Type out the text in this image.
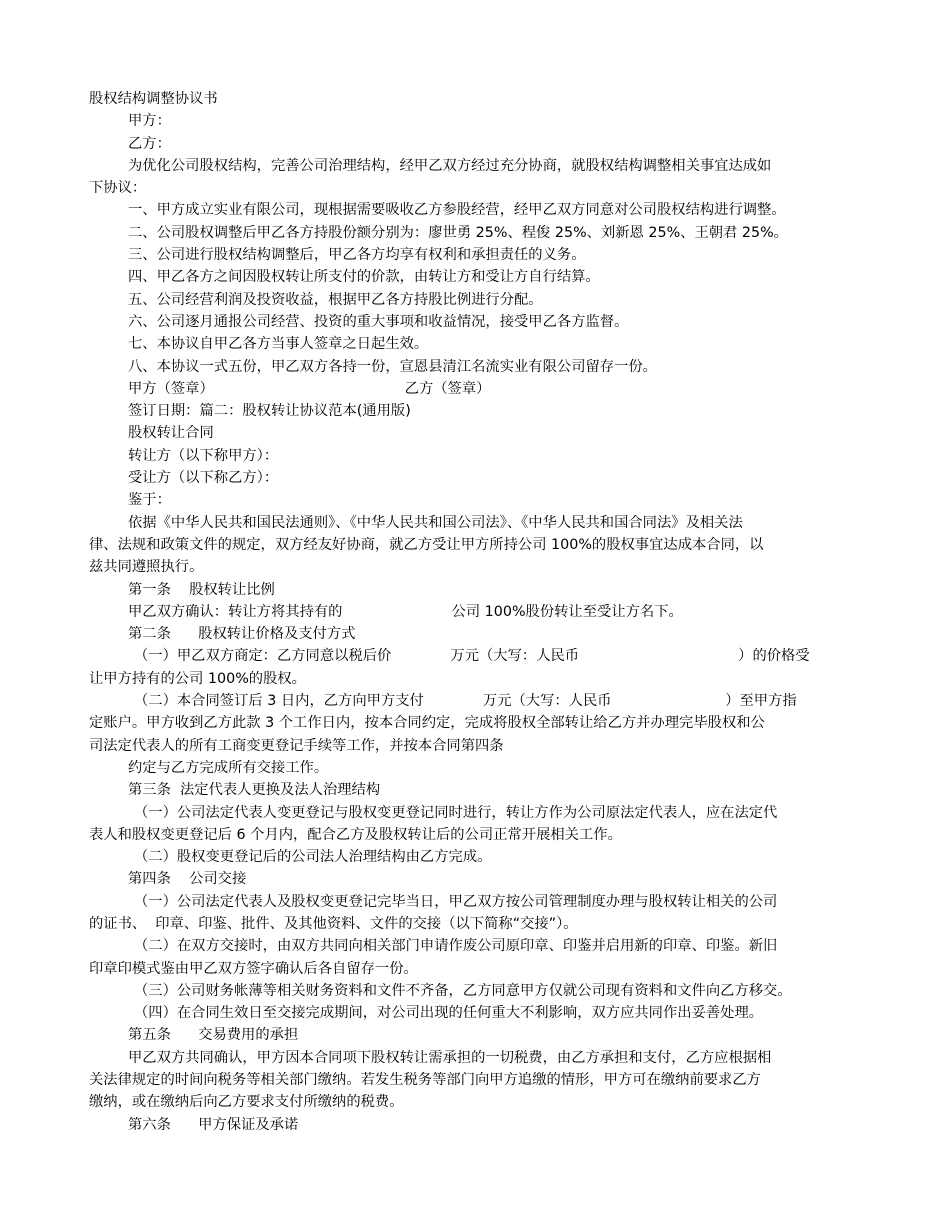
股权结构调整协议书

甲方：

乙方：

为优化公司股权结构，完善公司治理结构，经甲乙双方经过充分协商，就股权结构调整相关事宜达成如

下协议：

一、甲方成立实业有限公司，现根据需要吸收乙方参股经营，经甲乙双方同意对公司股权结构进行调整。

二、公司股权调整后甲乙各方持股份额分别为：廖世勇 25%、程俊 25%、刘新恩 25%、王朝君 25%。

三、公司进行股权结构调整后，甲乙各方均享有权利和承担责任的义务。

四、甲乙各方之间因股权转让所支付的价款，由转让方和受让方自行结算。

五、公司经营利润及投资收益，根据甲乙各方持股比例进行分配。

六、公司逐月通报公司经营、投资的重大事项和收益情况，接受甲乙各方监督。

七、本协议自甲乙各方当事人签章之日起生效。

八、本协议一式五份，甲乙双方各持一份，宣恩县清江名流实业有限公司留存一份。

甲方（签章）                                          乙方（签章）

签订日期：篇二：股权转让协议范本(通用版)

股权转让合同

转让方（以下称甲方）：

受让方（以下称乙方）：

鉴于：

依据《中华人民共和国民法通则》、《中华人民共和国公司法》、《中华人民共和国合同法》及相关法

律、法规和政策文件的规定，双方经友好协商，就乙方受让甲方所持公司 100%的股权事宜达成本合同，以

兹共同遵照执行。

第一条    股权转让比例

甲乙双方确认：转让方将其持有的                        公司 100%股份转让至受让方名下。

第二条      股权转让价格及支付方式

（一）甲乙双方商定：乙方同意以税后价             万元（大写：人民币                                   ）的价格受

让甲方持有的公司 100%的股权。

（二）本合同签订后 3 日内，乙方向甲方支付             万元（大写：人民币                         ）至甲方指

定账户。甲方收到乙方此款 3 个工作日内，按本合同约定，完成将股权全部转让给乙方并办理完毕股权和公

司法定代表人的所有工商变更登记手续等工作，并按本合同第四条

约定与乙方完成所有交接工作。

第三条  法定代表人更换及法人治理结构

（一）公司法定代表人变更登记与股权变更登记同时进行，转让方作为公司原法定代表人，应在法定代

表人和股权变更登记后 6 个月内，配合乙方及股权转让后的公司正常开展相关工作。

（二）股权变更登记后的公司法人治理结构由乙方完成。

第四条    公司交接

（一）公司法定代表人及股权变更登记完毕当日，甲乙双方按公司管理制度办理与股权转让相关的公司

的证书、  印章、印鉴、批件、及其他资料、文件的交接（以下简称“交接”）。

（二）在双方交接时，由双方共同向相关部门申请作废公司原印章、印鉴并启用新的印章、印鉴。新旧

印章印模式鉴由甲乙双方签字确认后各自留存一份。

（三）公司财务帐薄等相关财务资料和文件不齐备，乙方同意甲方仅就公司现有资料和文件向乙方移交。

（四）在合同生效日至交接完成期间，对公司出现的任何重大不利影响，双方应共同作出妥善处理。

第五条      交易费用的承担

甲乙双方共同确认，甲方因本合同项下股权转让需承担的一切税费，由乙方承担和支付，乙方应根据相

关法律规定的时间向税务等相关部门缴纳。若发生税务等部门向甲方追缴的情形，甲方可在缴纳前要求乙方

缴纳，或在缴纳后向乙方要求支付所缴纳的税费。

第六条      甲方保证及承诺
